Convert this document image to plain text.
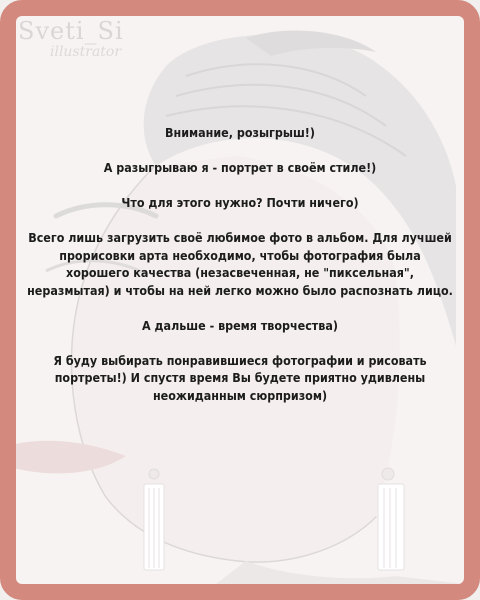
Sveti_Si
illustrator

Внимание, розыгрыш!)

А разыгрываю я - портрет в своём стиле!)

Что для этого нужно? Почти ничего)

Всего лишь загрузить своё любимое фото в альбом. Для лучшей прорисовки арта необходимо, чтобы фотография была хорошего качества (незасвеченная, не "пиксельная", неразмытая) и чтобы на ней легко можно было распознать лицо.

А дальше - время творчества)

Я буду выбирать понравившиеся фотографии и рисовать портреты!) И спустя время Вы будете приятно удивлены неожиданным сюрпризом)
